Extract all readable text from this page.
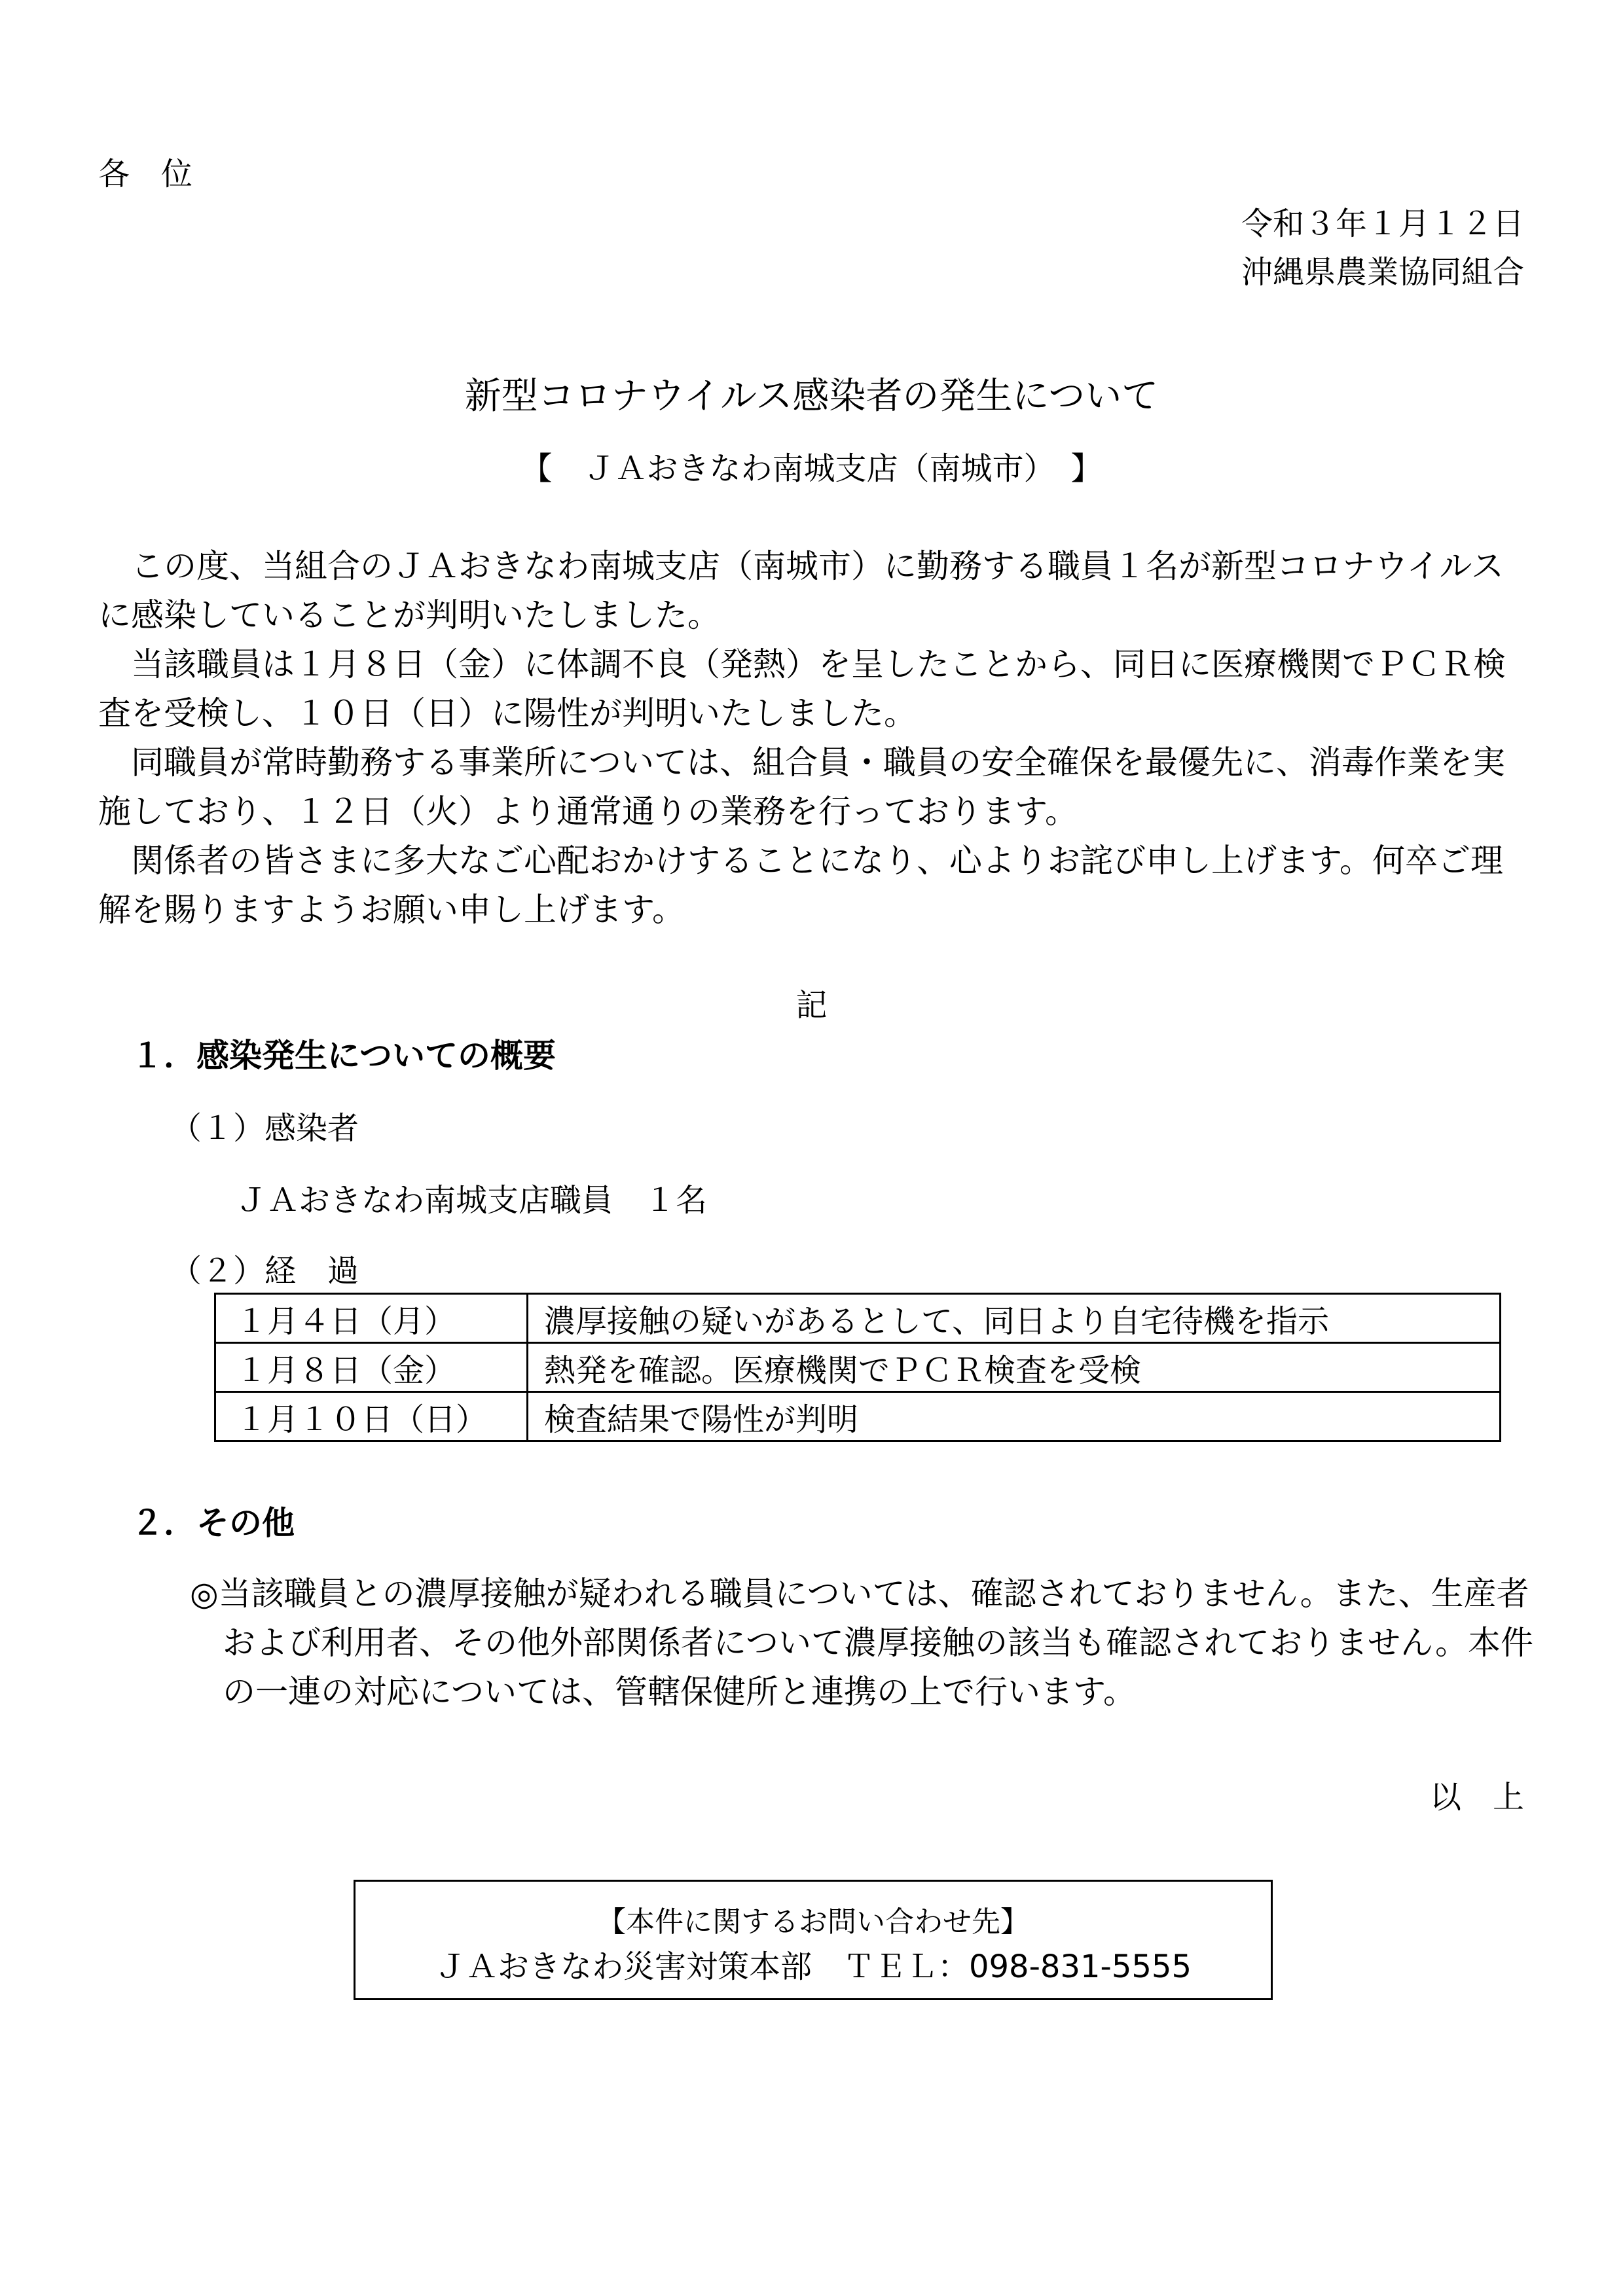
各　位
令和３年１月１２日
沖縄県農業協同組合
新型コロナウイルス感染者の発生について
【　ＪＡおきなわ南城支店（南城市）　】
この度、当組合のＪＡおきなわ南城支店（南城市）に勤務する職員１名が新型コロナウイルスに感染していることが判明いたしました。
当該職員は１月８日（金）に体調不良（発熱）を呈したことから、同日に医療機関でＰＣＲ検査を受検し、１０日（日）に陽性が判明いたしました。
同職員が常時勤務する事業所については、組合員・職員の安全確保を最優先に、消毒作業を実施しており、１２日（火）より通常通りの業務を行っております。
関係者の皆さまに多大なご心配おかけすることになり、心よりお詫び申し上げます。何卒ご理解を賜りますようお願い申し上げます。
記
１．感染発生についての概要
（１）感染者
ＪＡおきなわ南城支店職員　１名
（２）経　過
１月４日（月）	濃厚接触の疑いがあるとして、同日より自宅待機を指示
１月８日（金）	熱発を確認。医療機関でＰＣＲ検査を受検
１月１０日（日）	検査結果で陽性が判明
２．その他
◎当該職員との濃厚接触が疑われる職員については、確認されておりません。また、生産者および利用者、その他外部関係者について濃厚接触の該当も確認されておりません。本件の一連の対応については、管轄保健所と連携の上で行います。
以　上
【本件に関するお問い合わせ先】
ＪＡおきなわ災害対策本部　ＴＥＬ：098-831-5555
